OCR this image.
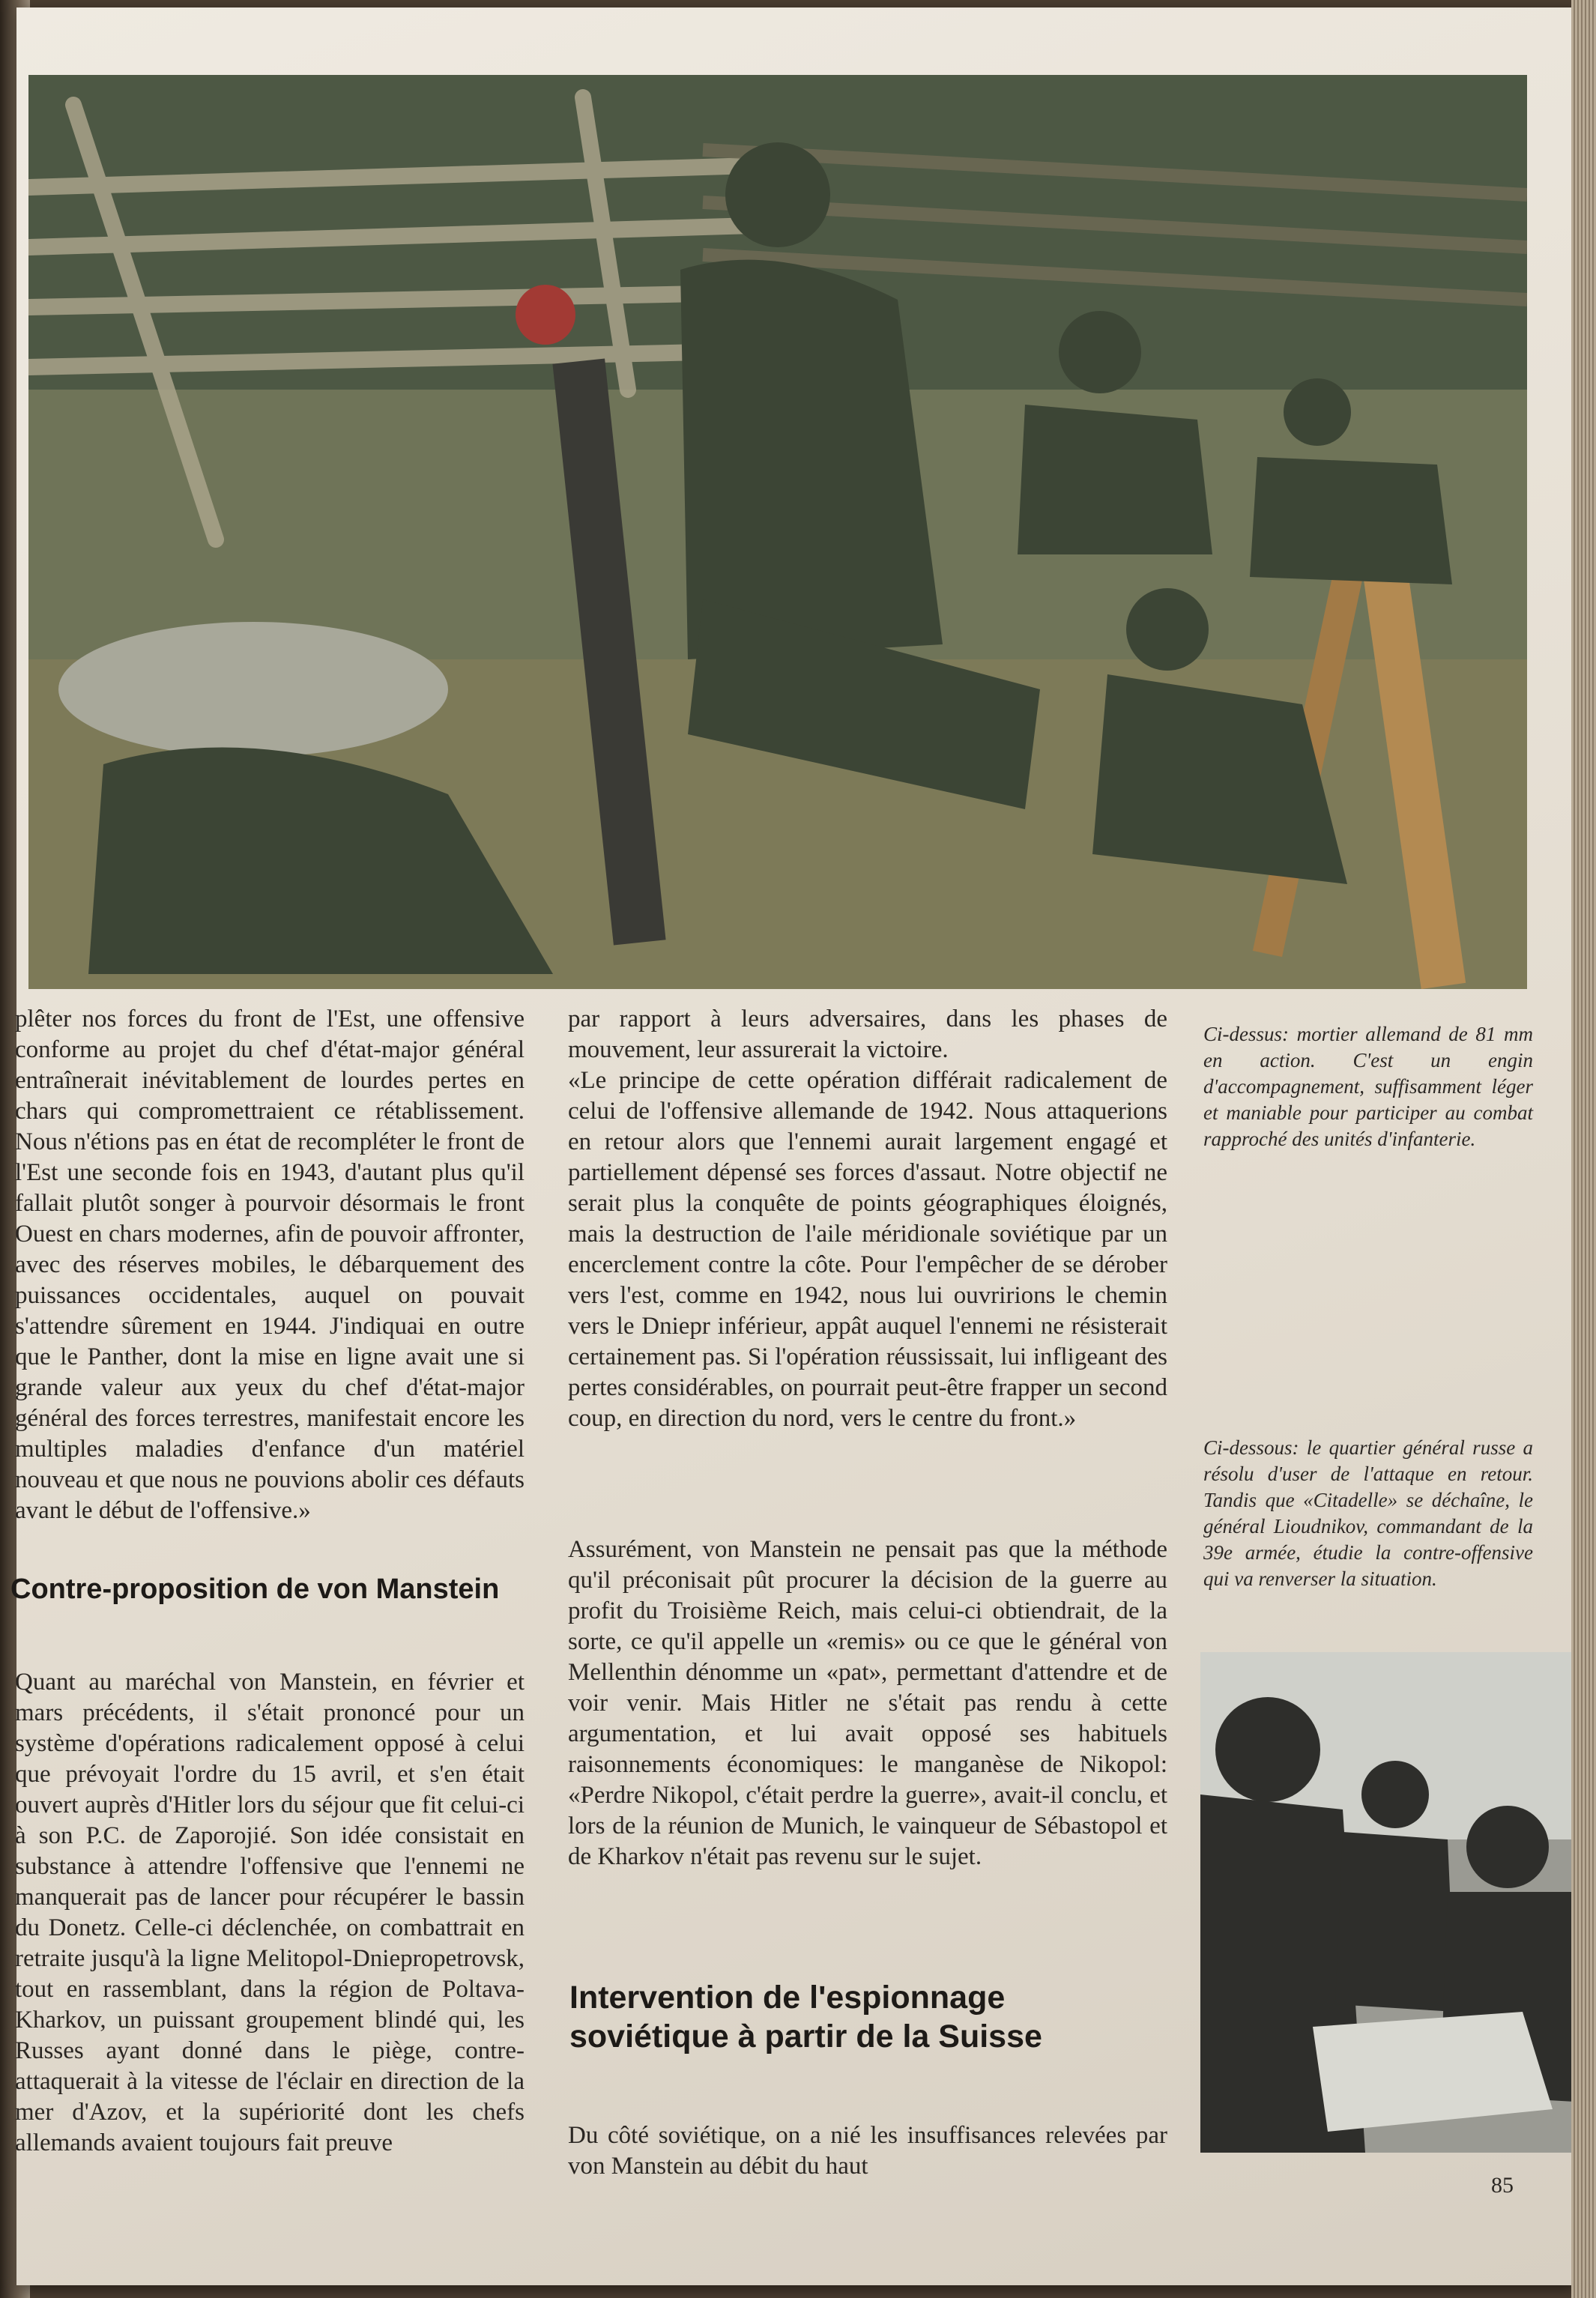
plêter nos forces du front de l'Est, une offensive conforme au projet du chef d'état-major général entraînerait inévitablement de lourdes pertes en chars qui compromettraient ce rétablissement. Nous n'étions pas en état de recompléter le front de l'Est une seconde fois en 1943, d'autant plus qu'il fallait plutôt songer à pourvoir désormais le front Ouest en chars modernes, afin de pouvoir affronter, avec des réserves mobiles, le débarquement des puissances occidentales, auquel on pouvait s'attendre sûrement en 1944. J'indiquai en outre que le Panther, dont la mise en ligne avait une si grande valeur aux yeux du chef d'état-major général des forces terrestres, manifestait encore les multiples maladies d'enfance d'un matériel nouveau et que nous ne pouvions abolir ces défauts avant le début de l'offensive.»

Contre-proposition de von Manstein

Quant au maréchal von Manstein, en février et mars précédents, il s'était prononcé pour un système d'opérations radicalement opposé à celui que prévoyait l'ordre du 15 avril, et s'en était ouvert auprès d'Hitler lors du séjour que fit celui-ci à son P.C. de Zaporojié. Son idée consistait en substance à attendre l'offensive que l'ennemi ne manquerait pas de lancer pour récupérer le bassin du Donetz. Celle-ci déclenchée, on combattrait en retraite jusqu'à la ligne Melitopol-Dniepropetrovsk, tout en rassemblant, dans la région de Poltava-Kharkov, un puissant groupement blindé qui, les Russes ayant donné dans le piège, contre-attaquerait à la vitesse de l'éclair en direction de la mer d'Azov, et la supériorité dont les chefs allemands avaient toujours fait preuve

par rapport à leurs adversaires, dans les phases de mouvement, leur assurerait la victoire.

«Le principe de cette opération différait radicalement de celui de l'offensive allemande de 1942. Nous attaquerions en retour alors que l'ennemi aurait largement engagé et partiellement dépensé ses forces d'assaut. Notre objectif ne serait plus la conquête de points géographiques éloignés, mais la destruction de l'aile méridionale soviétique par un encerclement contre la côte. Pour l'empêcher de se dérober vers l'est, comme en 1942, nous lui ouvririons le chemin vers le Dniepr inférieur, appât auquel l'ennemi ne résisterait certainement pas. Si l'opération réussissait, lui infligeant des pertes considérables, on pourrait peut-être frapper un second coup, en direction du nord, vers le centre du front.»

Assurément, von Manstein ne pensait pas que la méthode qu'il préconisait pût procurer la décision de la guerre au profit du Troisième Reich, mais celui-ci obtiendrait, de la sorte, ce qu'il appelle un «remis» ou ce que le général von Mellenthin dénomme un «pat», permettant d'attendre et de voir venir. Mais Hitler ne s'était pas rendu à cette argumentation, et lui avait opposé ses habituels raisonnements économiques: le manganèse de Nikopol: «Perdre Nikopol, c'était perdre la guerre», avait-il conclu, et lors de la réunion de Munich, le vainqueur de Sébastopol et de Kharkov n'était pas revenu sur le sujet.

Intervention de l'espionnage soviétique à partir de la Suisse

Du côté soviétique, on a nié les insuffisances relevées par von Manstein au débit du haut

Ci-dessus: mortier allemand de 81 mm en action. C'est un engin d'accompagnement, suffisamment léger et maniable pour participer au combat rapproché des unités d'infanterie.

Ci-dessous: le quartier général russe a résolu d'user de l'attaque en retour. Tandis que «Citadelle» se déchaîne, le général Lioudnikov, commandant de la 39e armée, étudie la contre-offensive qui va renverser la situation.

85
